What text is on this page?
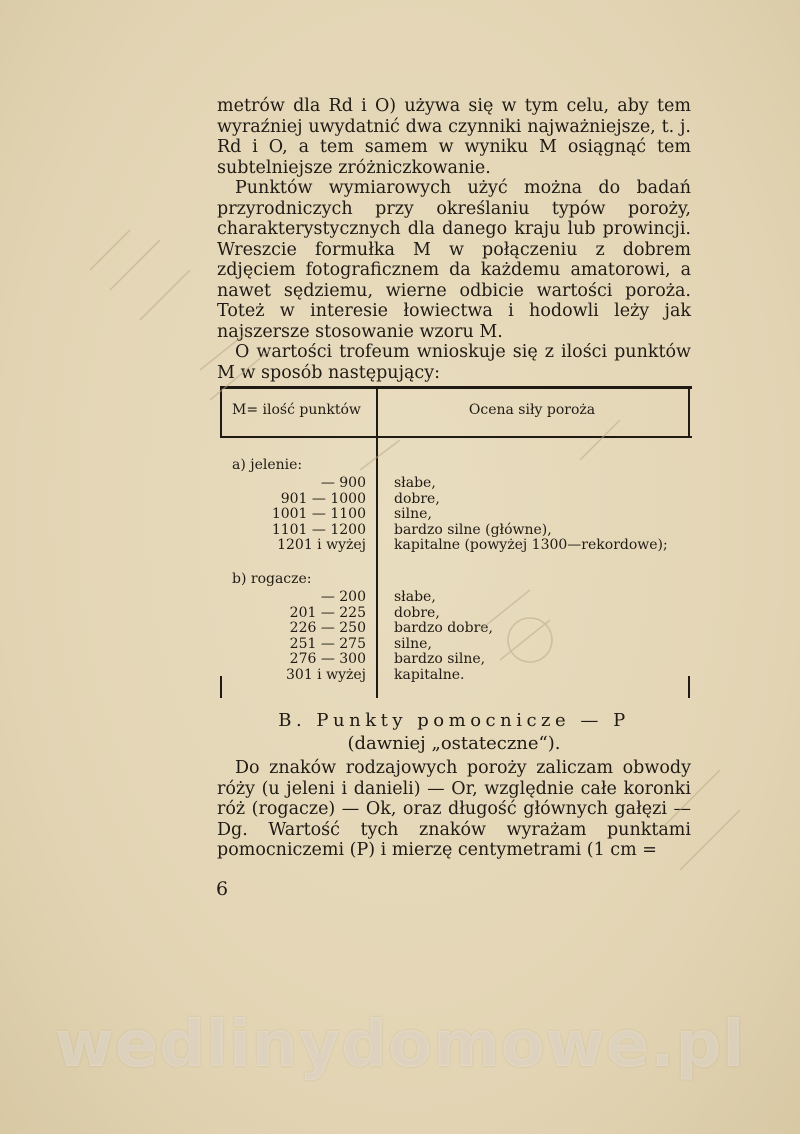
metrów dla Rd i O) używa się w tym celu, aby tem wyraźniej uwydatnić dwa czynniki najważniejsze, t. j. Rd i O, a tem samem w wyniku M osiągnąć tem subtelniejsze zróżniczkowanie.

Punktów wymiarowych użyć można do badań przyrodniczych przy określaniu typów poroży, charakterystycznych dla danego kraju lub prowincji. Wreszcie formułka M w połączeniu z dobrem zdjęciem fotograficznem da każdemu amatorowi, a nawet sędziemu, wierne odbicie wartości poroża. Toteż w interesie łowiectwa i hodowli leży jak najszersze stosowanie wzoru M.

O wartości trofeum wnioskuje się z ilości punktów M w sposób następujący:

M= ilość punktów	Ocena siły poroża
a) jelenie:
— 900
901 — 1000
1001 — 1100
1101 — 1200
1201 i wyżej
słabe,
dobre,
silne,
bardzo silne (główne),
kapitalne (powyżej 1300—rekordowe);
b) rogacze:
— 200
201 — 225
226 — 250
251 — 275
276 — 300
301 i wyżej
słabe,
dobre,
bardzo dobre,
silne,
bardzo silne,
kapitalne.
B. Punkty pomocnicze — P
(dawniej „ostateczne“).

Do znaków rodzajowych poroży zaliczam obwody róży (u jeleni i danieli) — Or, względnie całe koronki róż (rogacze) — Ok, oraz długość głównych gałęzi — Dg. Wartość tych znaków wyrażam punktami pomocniczemi (P) i mierzę centymetrami (1 cm =

6
wedlinydomowe.pl
